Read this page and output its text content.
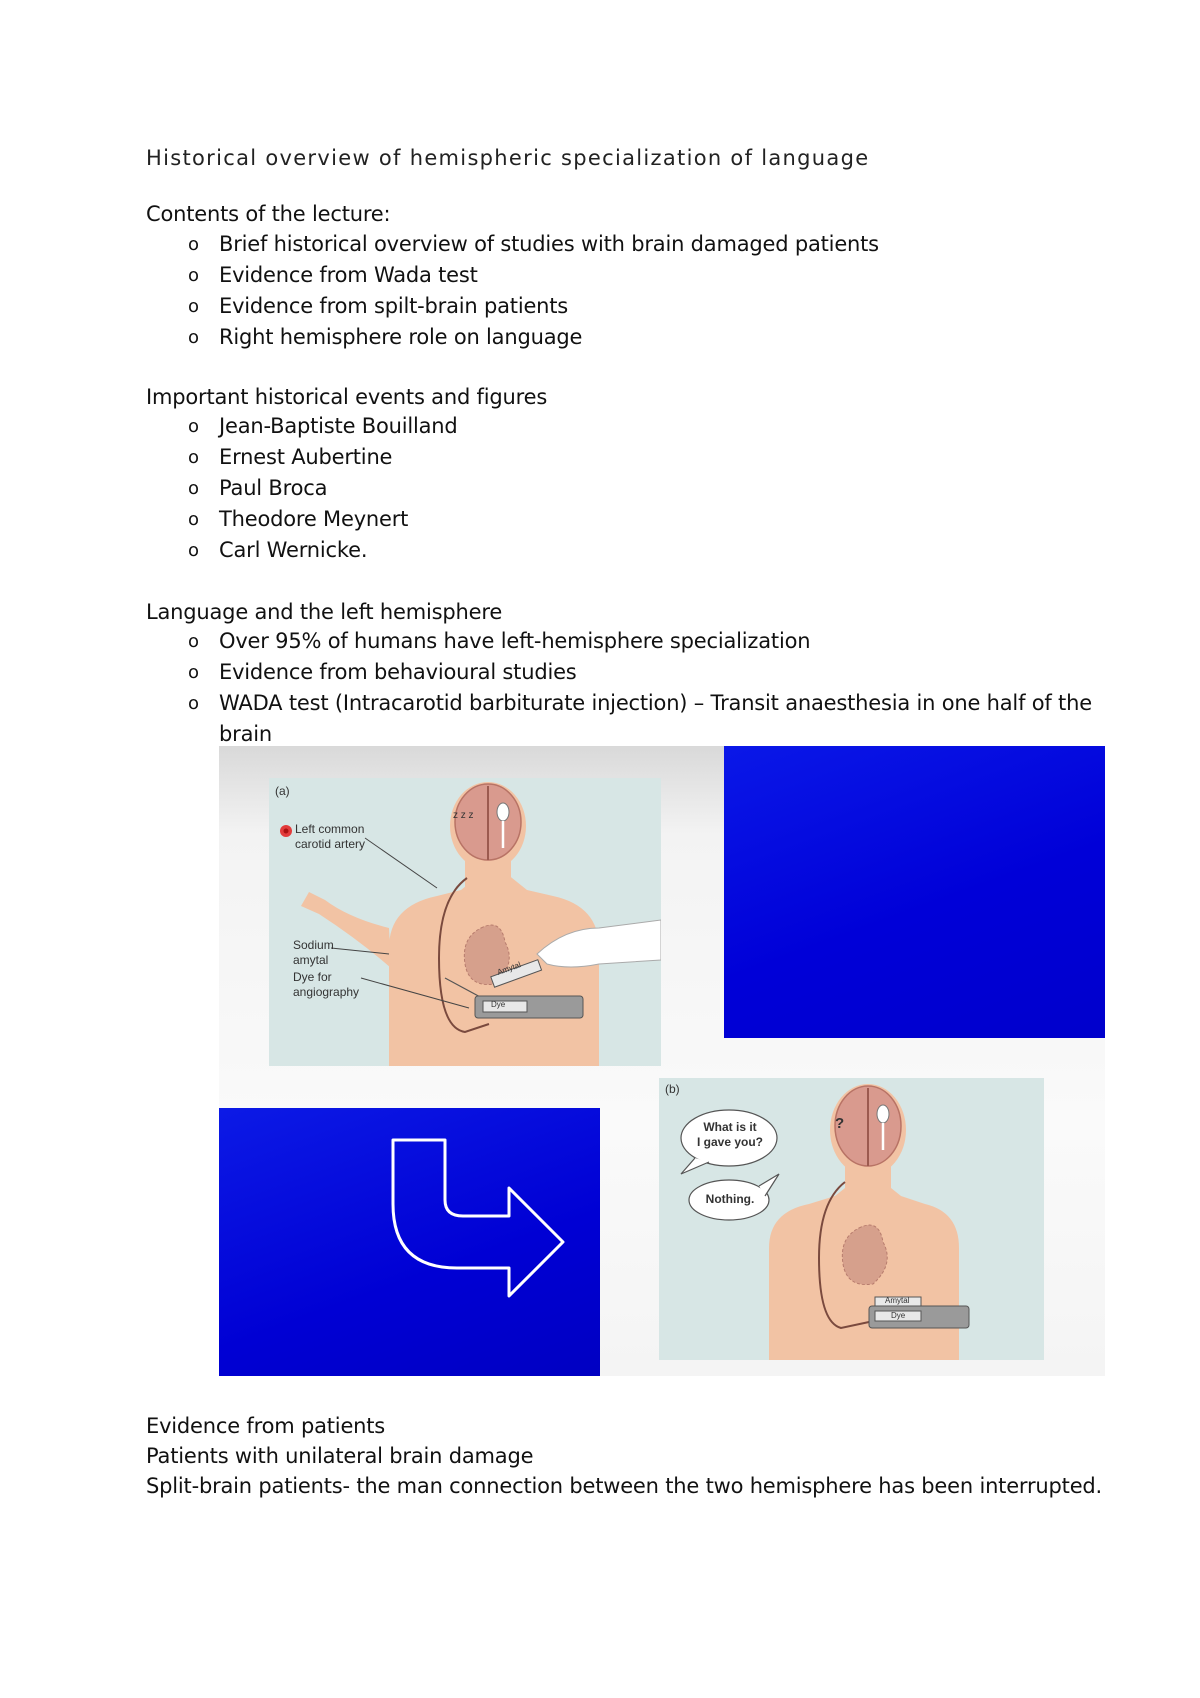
Historical overview of hemispheric specialization of language
Contents of the lecture:
o Brief historical overview of studies with brain damaged patients
o Evidence from Wada test
o Evidence from spilt-brain patients
o Right hemisphere role on language
Important historical events and figures
o Jean-Baptiste Bouilland
o Ernest Aubertine
o Paul Broca
o Theodore Meynert
o Carl Wernicke.
Language and the left hemisphere
o Over 95% of humans have left-hemisphere specialization
o Evidence from behavioural studies
o WADA test (Intracarotid barbiturate injection) – Transit anaesthesia in one half of the
brain
z z z
(a)
Left common
carotid artery
Sodium
amytal
Dye for
angiography
Dye
Amytal
(b)
What is it
I gave you?
Nothing.
?
Amytal
Dye
Evidence from patients
Patients with unilateral brain damage
Split-brain patients- the man connection between the two hemisphere has been interrupted.
